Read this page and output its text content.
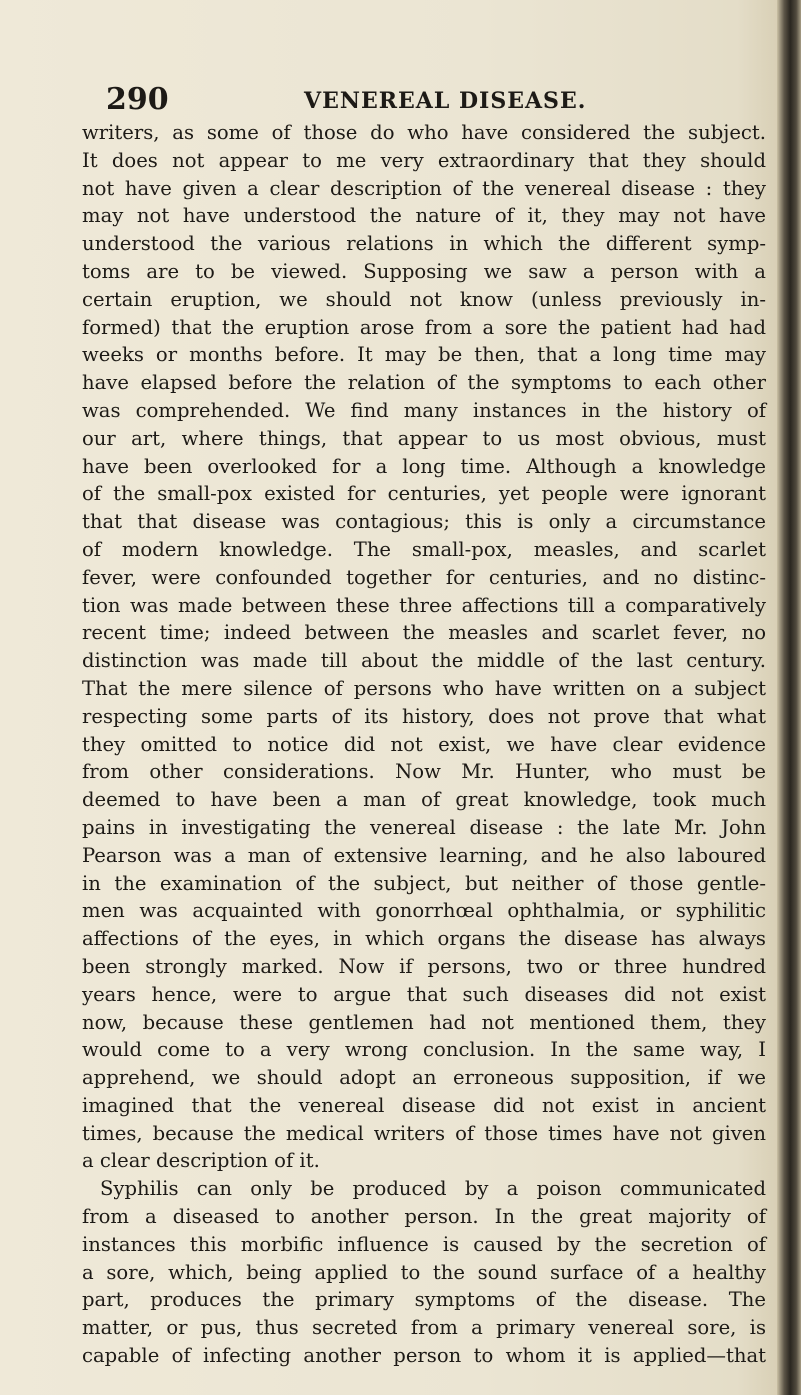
290	VENEREAL DISEASE.
writers, as some of those do who have considered the subject.
It does not appear to me very extraordinary that they should
not have given a clear description of the venereal disease : they
may not have understood the nature of it, they may not have
understood the various relations in which the different symp-
toms are to be viewed. Supposing we saw a person with a
certain eruption, we should not know (unless previously in-
formed) that the eruption arose from a sore the patient had had
weeks or months before. It may be then, that a long time may
have elapsed before the relation of the symptoms to each other
was comprehended. We find many instances in the history of
our art, where things, that appear to us most obvious, must
have been overlooked for a long time. Although a knowledge
of the small-pox existed for centuries, yet people were ignorant
that that disease was contagious; this is only a circumstance
of modern knowledge. The small-pox, measles, and scarlet
fever, were confounded together for centuries, and no distinc-
tion was made between these three affections till a comparatively
recent time; indeed between the measles and scarlet fever, no
distinction was made till about the middle of the last century.
That the mere silence of persons who have written on a subject
respecting some parts of its history, does not prove that what
they omitted to notice did not exist, we have clear evidence
from other considerations. Now Mr. Hunter, who must be
deemed to have been a man of great knowledge, took much
pains in investigating the venereal disease : the late Mr. John
Pearson was a man of extensive learning, and he also laboured
in the examination of the subject, but neither of those gentle-
men was acquainted with gonorrhœal ophthalmia, or syphilitic
affections of the eyes, in which organs the disease has always
been strongly marked. Now if persons, two or three hundred
years hence, were to argue that such diseases did not exist
now, because these gentlemen had not mentioned them, they
would come to a very wrong conclusion. In the same way, I
apprehend, we should adopt an erroneous supposition, if we
imagined that the venereal disease did not exist in ancient
times, because the medical writers of those times have not given
a clear description of it.
Syphilis can only be produced by a poison communicated
from a diseased to another person. In the great majority of
instances this morbific influence is caused by the secretion of
a sore, which, being applied to the sound surface of a healthy
part, produces the primary symptoms of the disease. The
matter, or pus, thus secreted from a primary venereal sore, is
capable of infecting another person to whom it is applied—that
